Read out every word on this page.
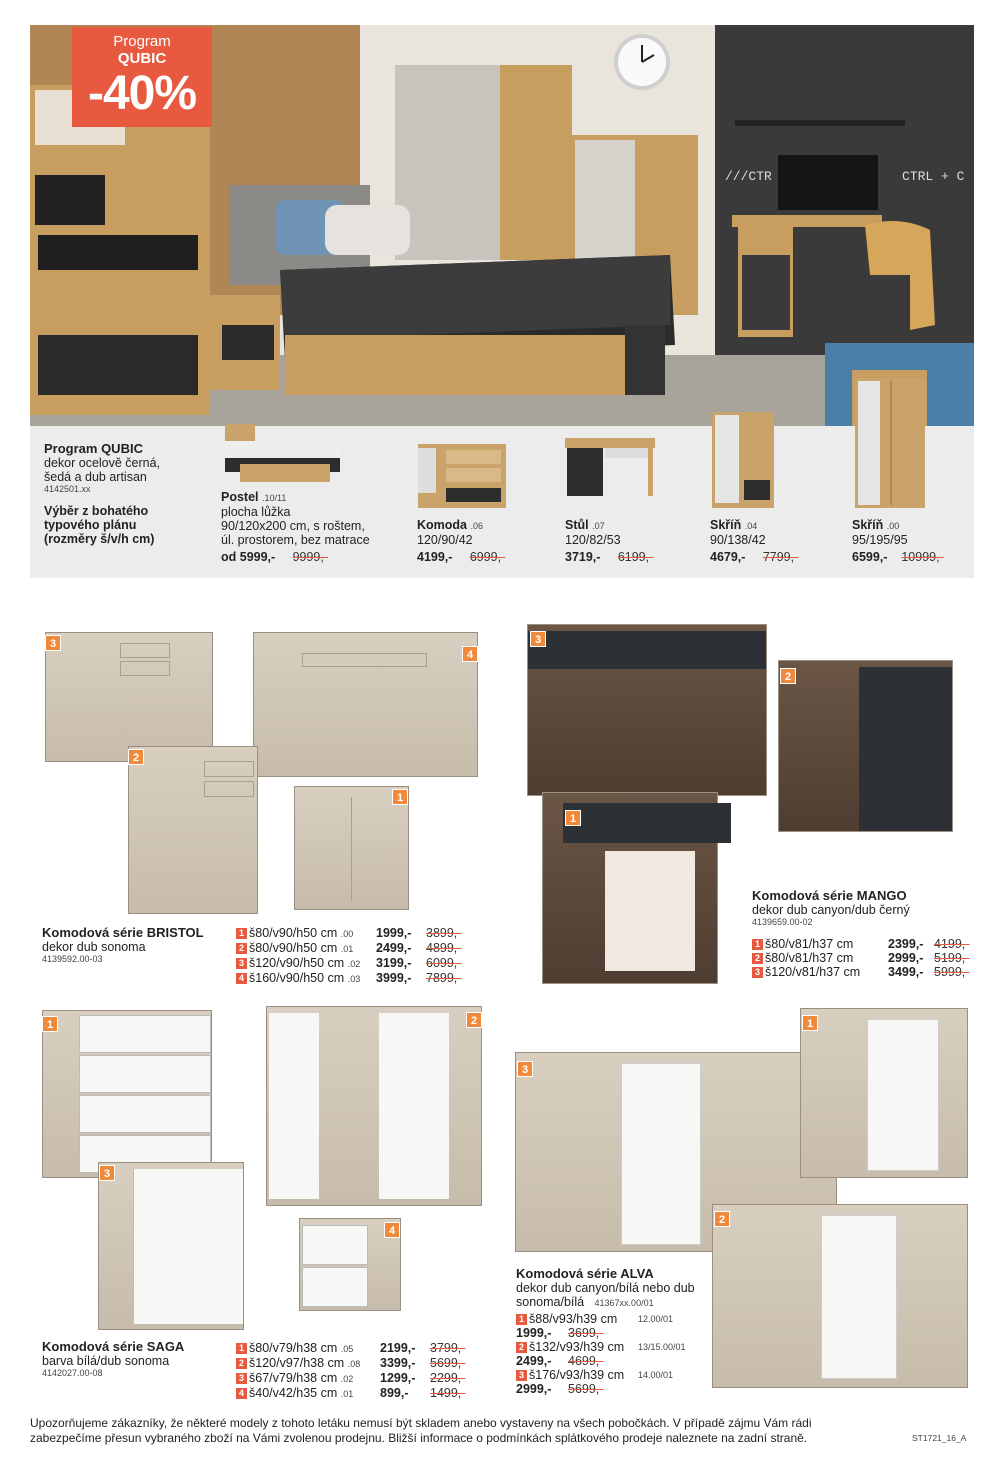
///CTR	CTRL + C
Program
QUBIC
-40%
Program QUBIC
dekor ocelově černá,
šedá a dub artisan
4142501.xx
Výběr z bohatého
typového plánu
(rozměry š/v/h cm)
Postel .10/11
plocha lůžka
90/120x200 cm, s roštem,
úl. prostorem, bez matrace
od 5999,- 9999,-
Komoda .06
120/90/42
4199,- 6999,-
Stůl .07
120/82/53
3719,- 6199,-
Skříň .04
90/138/42
4679,- 7799,-
Skříň .00
95/195/95
6599,- 10999,-
3
4
2
1
Komodová série BRISTOL
dekor dub sonoma
4139592.00-03
1 š80/v90/h50 cm .00	1999,-	3899,-
2 š80/v90/h50 cm .01	2499,-	4899,-
3 š120/v90/h50 cm .02	3199,-	6099,-
4 š160/v90/h50 cm .03	3999,-	7899,-
3
2
1
Komodová série MANGO
dekor dub canyon/dub černý
4139659.00-02
1 š80/v81/h37 cm	2399,- 4199,-
2 š80/v81/h37 cm	2999,- 5199,-
3 š120/v81/h37 cm	3499,- 5999,-
1	2
3
4
Komodová série SAGA
barva bílá/dub sonoma
4142027.00-08
1 š80/v79/h38 cm .05	2199,-	3799,-
2 š120/v97/h38 cm .08	3399,-	5699,-
3 š67/v79/h38 cm .02	1299,-	2299,-
4 š40/v42/h35 cm .01	899,-	1499,-
3
1
2
Komodová série ALVA
dekor dub canyon/bílá nebo dub
sonoma/bílá 41367xx.00/01
1 š88/v93/h39 cm	12.00/01
1999,-	3699,-
2 š132/v93/h39 cm	13/15.00/01
2499,-	4699,-
3 š176/v93/h39 cm	14.00/01
2999,-	5699,-
Upozorňujeme zákazníky, že některé modely z tohoto letáku nemusí být skladem anebo vystaveny na všech pobočkách. V případě zájmu Vám rádi
zabezpečíme přesun vybraného zboží na Vámi zvolenou prodejnu. Bližší informace o podmínkách splátkového prodeje naleznete na zadní straně.	ST1721_16_A
